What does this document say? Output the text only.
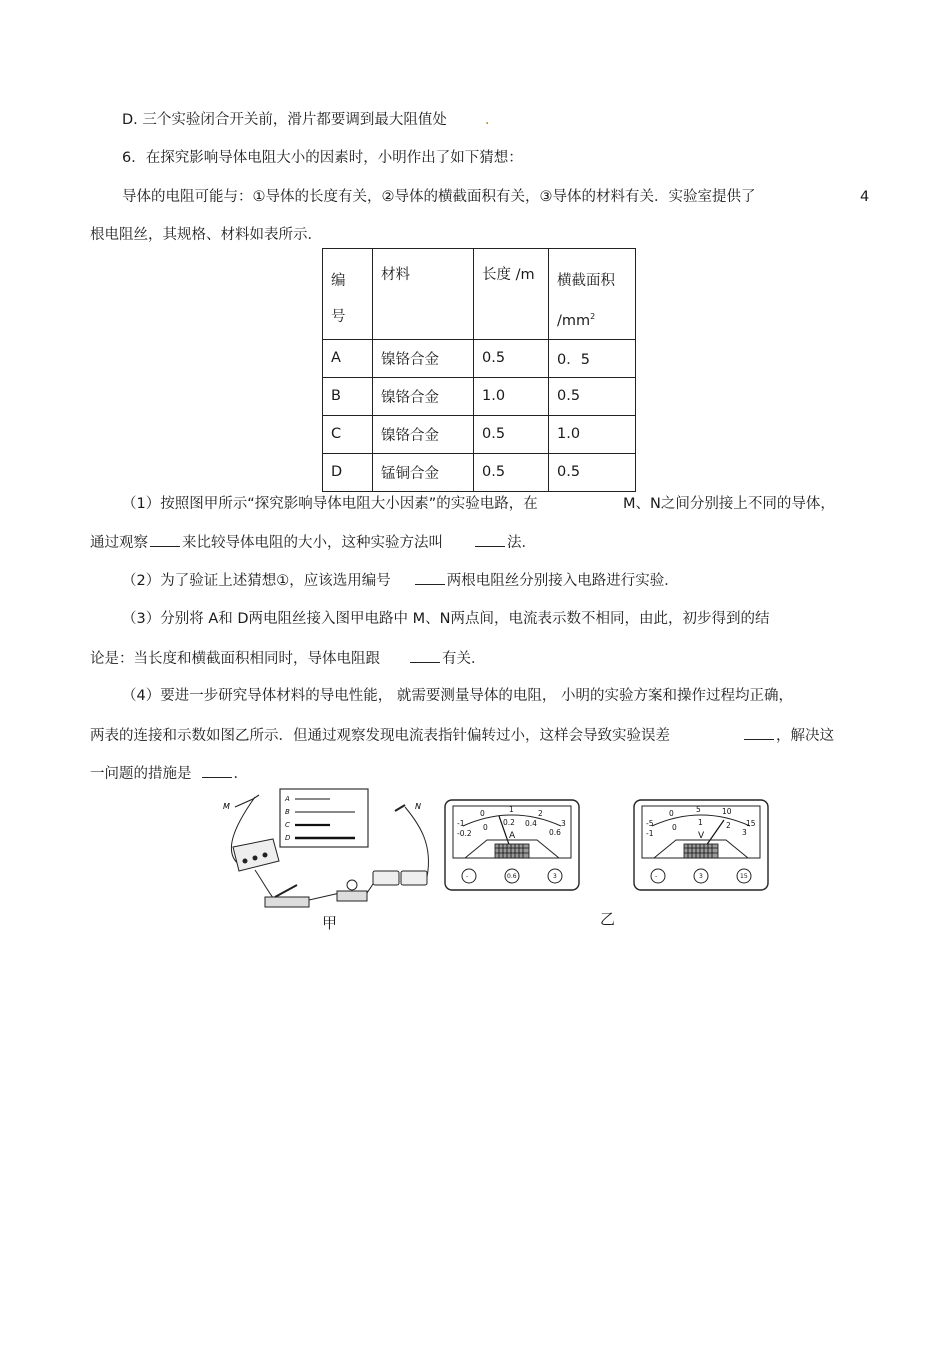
D. 三个实验闭合开关前，滑片都要调到最大阻值处	.
6．在探究影响导体电阻大小的因素时，小明作出了如下猜想：
导体的电阻可能与：①导体的长度有关，②导体的横截面积有关，③导体的材料有关．实验室提供了	4
根电阻丝，其规格、材料如表所示．
编
号	材料	长度 /m	横截面积
$/mm^2$

A	镍铬合金	0.5	0．5
B	镍铬合金	1.0	0.5
C	镍铬合金	0.5	1.0
D	锰铜合金	0.5	0.5
（1）按照图甲所示“探究影响导体电阻大小因素”的实验电路，在	M、N之间分别接上不同的导体，
通过观察 来比较导体电阻的大小，这种实验方法叫	法．
（2）为了验证上述猜想①，应该选用编号	两根电阻丝分别接入电路进行实验．
（3）分别将 A和 D两电阻丝接入图甲电路中 M、N两点间，电流表示数不相同，由此，初步得到的结
论是：当长度和横截面积相同时，导体电阻跟	有关．
（4）要进一步研究导体材料的导电性能， 就需要测量导体的电阻， 小明的实验方案和操作过程均正确，
两表的连接和示数如图乙所示．但通过观察发现电流表指针偏转过小，这样会导致实验误差	，解决这
一问题的措施是	．
A
B
C
D
M	N
甲
-1
-0.2
0	1	2
3
0
0.2 0.4
0.6
A
-	0.6	3
-5
-1
0	5	10
15
0
1	2
3
V
-	3	15
乙
